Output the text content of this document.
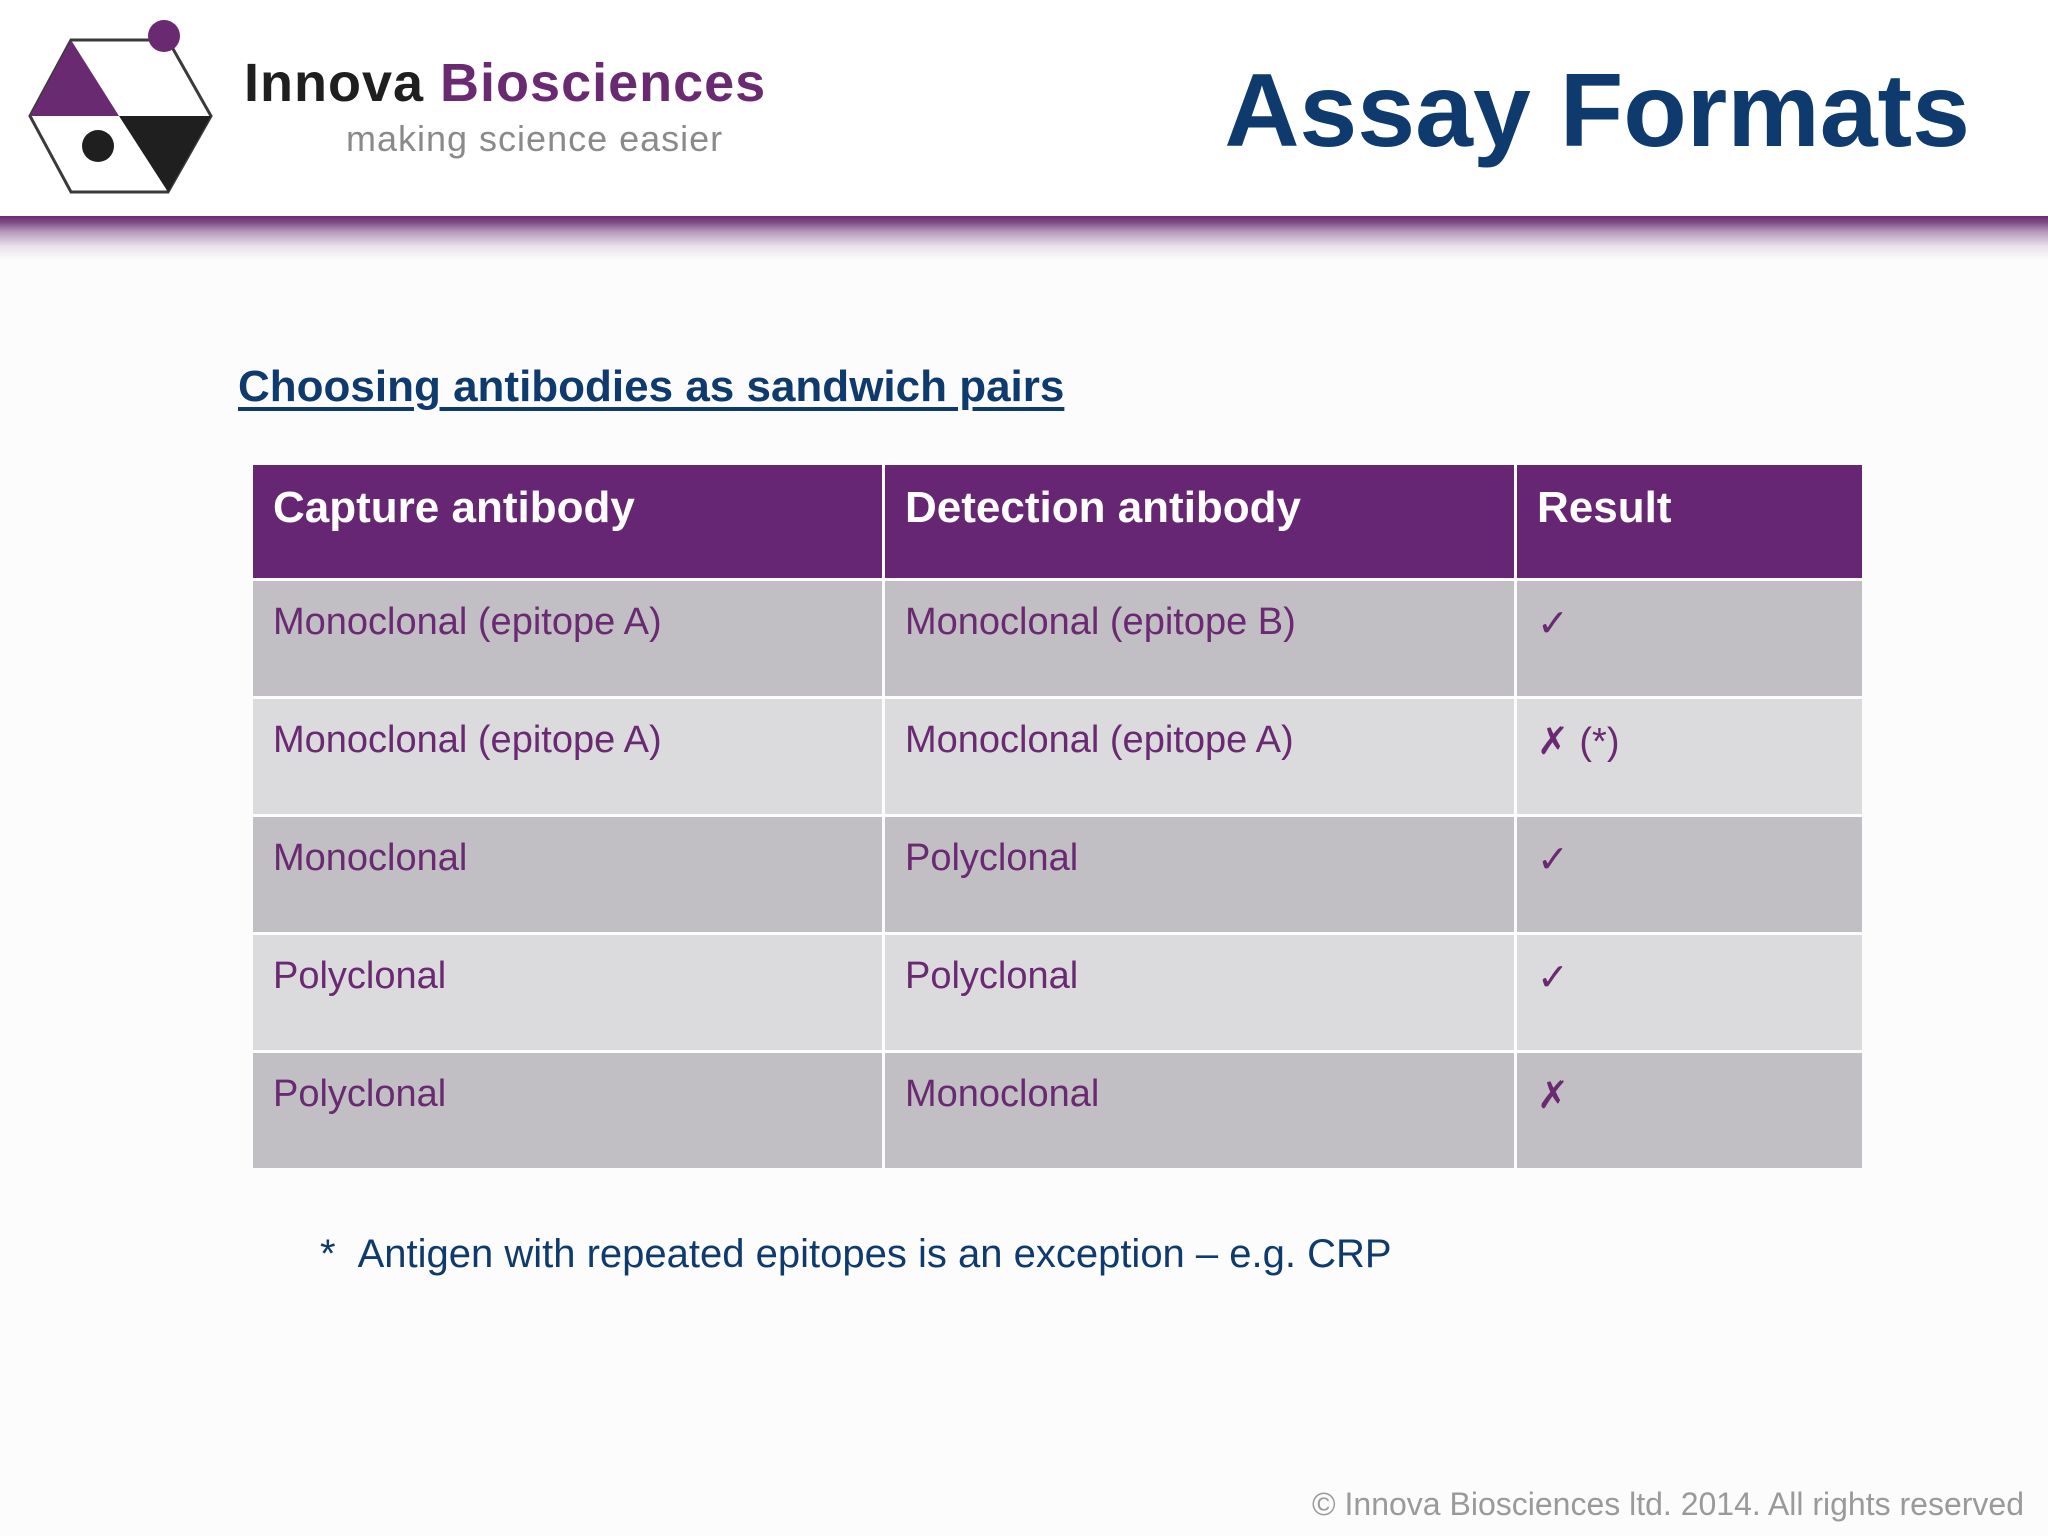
Innova Biosciences
making science easier	Assay Formats
Choosing antibodies as sandwich pairs
Capture antibody	Detection antibody	Result
Monoclonal (epitope A)	Monoclonal (epitope B)	✓
Monoclonal (epitope A)	Monoclonal (epitope A)	✗ (*)
Monoclonal	Polyclonal	✓
Polyclonal	Polyclonal	✓
Polyclonal	Monoclonal	✗
* Antigen with repeated epitopes is an exception – e.g. CRP
© Innova Biosciences ltd. 2014. All rights reserved
